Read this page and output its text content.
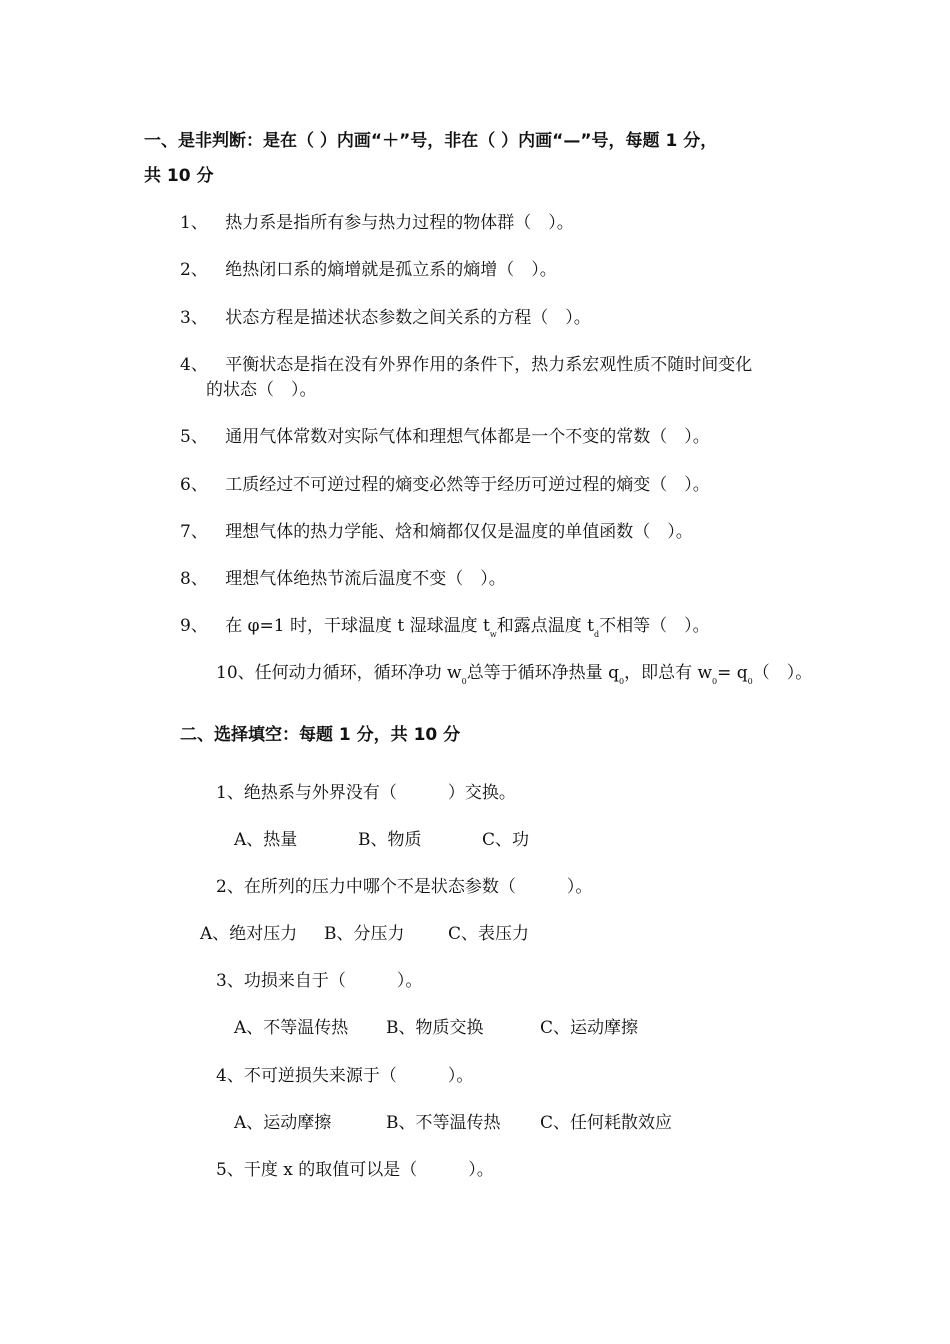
一、是非判断：是在（ ）内画“＋”号，非在（ ）内画“—”号，每题 1 分，
共 10 分
1、 热力系是指所有参与热力过程的物体群（　）。
2、 绝热闭口系的熵增就是孤立系的熵增（　）。
3、 状态方程是描述状态参数之间关系的方程（　）。
4、 平衡状态是指在没有外界作用的条件下，热力系宏观性质不随时间变化
的状态（　）。
5、 通用气体常数对实际气体和理想气体都是一个不变的常数（　）。
6、 工质经过不可逆过程的熵变必然等于经历可逆过程的熵变（　）。
7、 理想气体的热力学能、焓和熵都仅仅是温度的单值函数（　）。
8、 理想气体绝热节流后温度不变（　）。
9、 在 φ=1 时，干球温度 t 湿球温度 $t_w$和露点温度 $t_d$不相等（　）。
10、任何动力循环，循环净功 $w_0$总等于循环净热量 $q_0$，即总有 $w_0= q_0$（　）。
二、选择填空：每题 1 分，共 10 分
1、绝热系与外界没有（　　　）交换。
A、热量	B、物质	C、功
2、在所列的压力中哪个不是状态参数（　　　）。
A、绝对压力 B、分压力	C、表压力
3、功损来自于（　　　）。
A、不等温传热 B、物质交换	C、运动摩擦
4、不可逆损失来源于（　　　）。
A、运动摩擦	B、不等温传热 C、任何耗散效应
5、干度 x 的取值可以是（　　　）。
